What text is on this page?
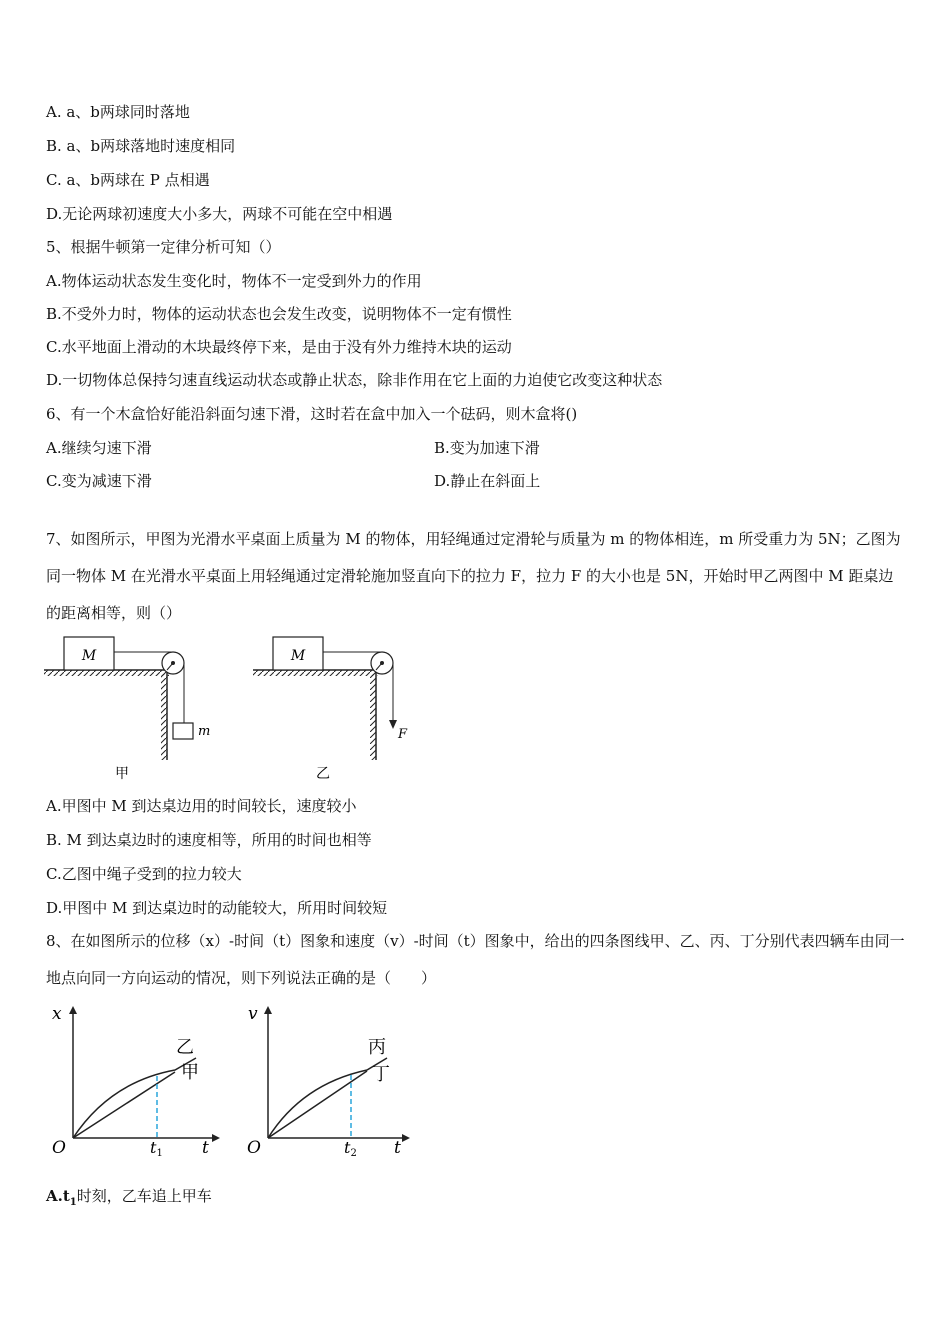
A. a、b两球同时落地
B. a、b两球落地时速度相同
C. a、b两球在 P 点相遇
D.无论两球初速度大小多大，两球不可能在空中相遇
5、根据牛顿第一定律分析可知（）
A.物体运动状态发生变化时，物体不一定受到外力的作用
B.不受外力时，物体的运动状态也会发生改变，说明物体不一定有惯性
C.水平地面上滑动的木块最终停下来，是由于没有外力维持木块的运动
D.一切物体总保持匀速直线运动状态或静止状态，除非作用在它上面的力迫使它改变这种状态
6、有一个木盒恰好能沿斜面匀速下滑，这时若在盒中加入一个砝码，则木盒将()
A.继续匀速下滑	B.变为加速下滑
C.变为减速下滑	D.静止在斜面上
7、如图所示，甲图为光滑水平桌面上质量为 M 的物体，用轻绳通过定滑轮与质量为 m 的物体相连，m 所受重力为 5N；乙图为同一物体 M 在光滑水平桌面上用轻绳通过定滑轮施加竖直向下的拉力 F，拉力 F 的大小也是 5N，开始时甲乙两图中 M 距桌边的距离相等，则（）
M
m
甲
M
F
乙
A.甲图中 M 到达桌边用的时间较长，速度较小
B. M 到达桌边时的速度相等，所用的时间也相等
C.乙图中绳子受到的拉力较大
D.甲图中 M 到达桌边时的动能较大，所用时间较短
8、在如图所示的位移（x）-时间（t）图象和速度（v）-时间（t）图象中，给出的四条图线甲、乙、丙、丁分别代表四辆车由同一地点向同一方向运动的情况，则下列说法正确的是（　　）
x
t
O	t1
乙
甲
v
t
O	t2
丙
丁
$A.t_1$时刻，乙车追上甲车
